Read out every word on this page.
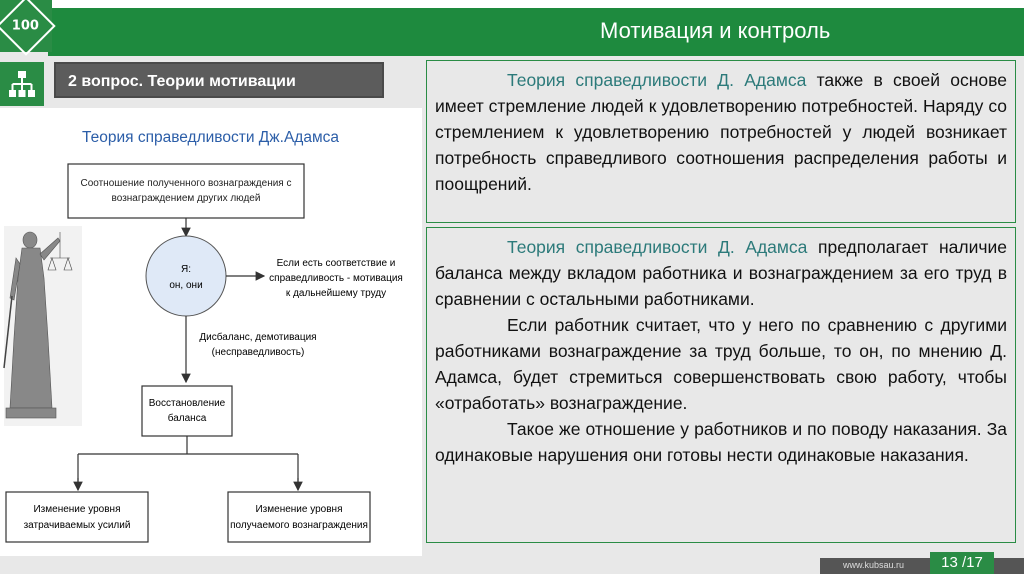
100	Мотивация и контроль
2 вопрос. Теории мотивации
Теория справедливости Дж.Адамса
Соотношение полученного вознаграждения с
вознаграждением других людей
Я:
он, они
Если есть соответствие и
справедливость - мотивация
к дальнейшему труду
Дисбаланс, демотивация
(несправедливость)
Восстановление
баланса
Изменение уровня
затрачиваемых усилий
Изменение уровня
получаемого вознаграждения
Теория справедливости Д. Адамса также в своей основе имеет стремление людей к удовлетворению потребностей. Наряду со стремлением к удовлетворению потребностей у людей возникает потребность справедливого соотношения распределения работы и поощрений.
Теория справедливости Д. Адамса предполагает наличие баланса между вкладом работника и вознаграждением за его труд в сравнении с остальными работниками.
Если работник считает, что у него по сравнению с другими работниками вознаграждение за труд больше, то он, по мнению Д. Адамса, будет стремиться совершенствовать свою работу, чтобы «отработать» вознаграждение.
Такое же отношение у работников и по поводу наказания. За одинаковые нарушения они готовы нести одинаковые наказания.
www.kubsau.ru	13 /17
